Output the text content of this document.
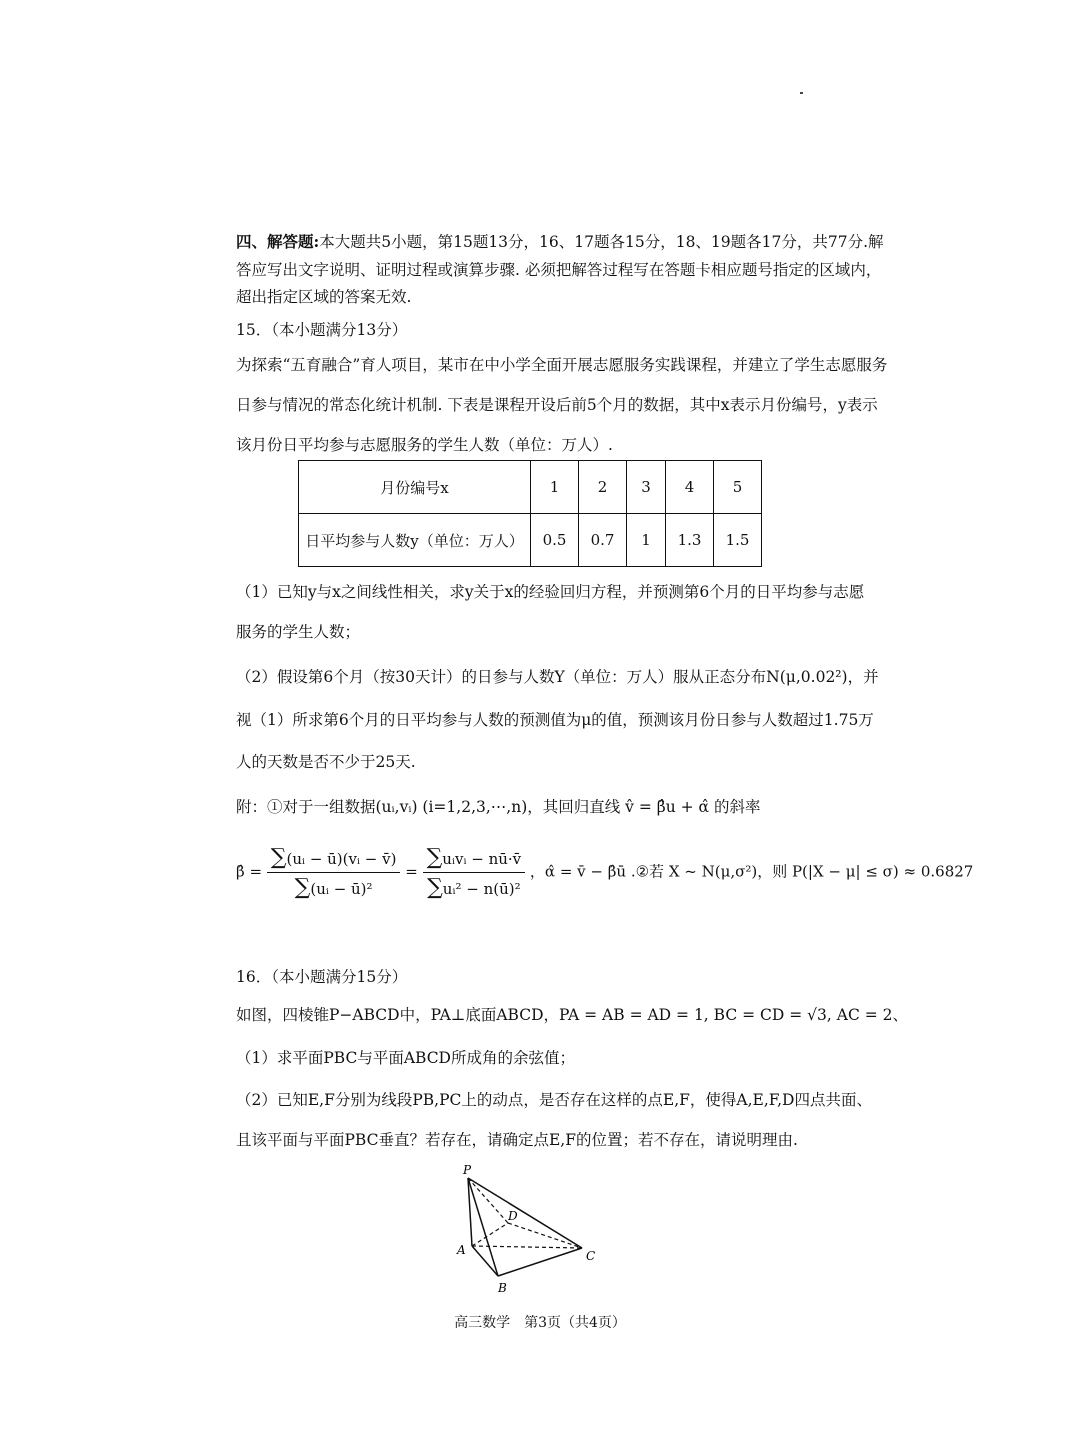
四、解答题:本大题共5小题，第15题13分，16、17题各15分，18、19题各17分，共77分.解
答应写出文字说明、证明过程或演算步骤. 必须把解答过程写在答题卡相应题号指定的区域内，
超出指定区域的答案无效.
15．（本小题满分13分）
为探索“五育融合”育人项目，某市在中小学全面开展志愿服务实践课程，并建立了学生志愿服务
日参与情况的常态化统计机制. 下表是课程开设后前5个月的数据，其中x表示月份编号，y表示
该月份日平均参与志愿服务的学生人数（单位：万人）.
月份编号x	1	2	3	4	5
日平均参与人数y（单位：万人）	0.5	0.7	1	1.3	1.5
（1）已知y与x之间线性相关，求y关于x的经验回归方程，并预测第6个月的日平均参与志愿
服务的学生人数；
（2）假设第6个月（按30天计）的日参与人数Y（单位：万人）服从正态分布N(μ,0.02²)，并
视（1）所求第6个月的日平均参与人数的预测值为μ的值，预测该月份日参与人数超过1.75万
人的天数是否不少于25天.
附：①对于一组数据(uᵢ,vᵢ) (i=1,2,3,⋯,n)，其回归直线 v̂ = β̂u + α̂ 的斜率
β̂ = $\frac{\text{∑(uᵢ − ū)(vᵢ − v̄)}}{\text{∑(uᵢ − ū)²}} = \frac{\text{∑uᵢvᵢ − nū·v̄}}{\text{∑uᵢ² − n(ū)²}}$ ，α̂ = v̄ − β̂ū .②若 X ~ N(μ,σ²)，则 P(|X − μ| ≤ σ) ≈ 0.6827
16．（本小题满分15分）
如图，四棱锥P−ABCD中，PA⊥底面ABCD，PA = AB = AD = 1, BC = CD = √3, AC = 2、
（1）求平面PBC与平面ABCD所成角的余弦值；
（2）已知E,F分别为线段PB,PC上的动点，是否存在这样的点E,F，使得A,E,F,D四点共面、
且该平面与平面PBC垂直？若存在，请确定点E,F的位置；若不存在，请说明理由.
P
D
A	C
B
高三数学　第3页（共4页）
